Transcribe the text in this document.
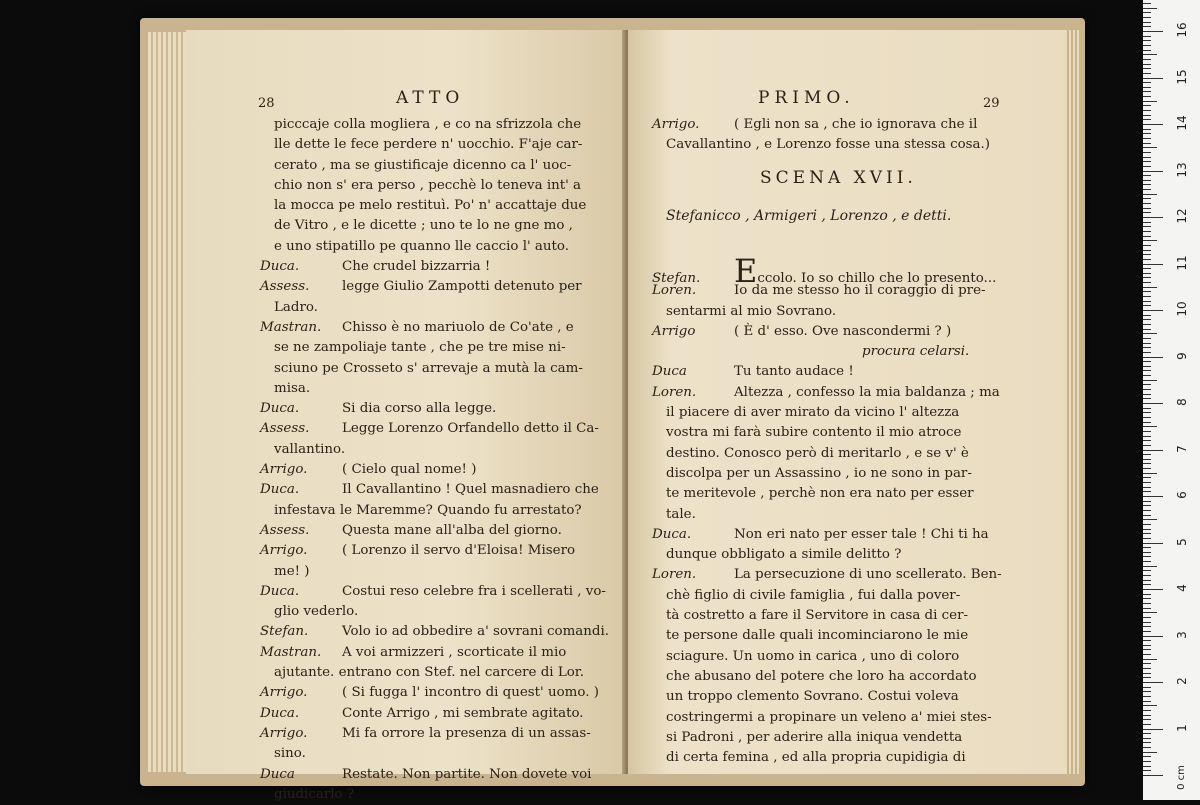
28	ATTO
picccaje colla mogliera , e co na sfrizzola che
lle dette le fece perdere n' uocchio. F'aje car-
cerato , ma se giustificaje dicenno ca l' uoc-
chio non s' era perso , pecchè lo teneva int' a
la mocca pe melo restituì. Po' n' accattaje due
de Vitro , e le dicette ; uno te lo ne gne mo ,
e uno stipatillo pe quanno lle caccio l' auto.
Duca.	Che crudel bizzarria !
Assess. legge Giulio Zampotti detenuto per
Ladro.
Mastran. Chisso è no mariuolo de Co'ate , e
se ne zampoliaje tante , che pe tre mise ni-
sciuno pe Crosseto s' arrevaje a mutà la cam-
misa.
Duca.	Si dia corso alla legge.
Assess. Legge Lorenzo Orfandello detto il Ca-
vallantino.
Arrigo.	( Cielo qual nome! )
Duca.	Il Cavallantino ! Quel masnadiero che
infestava le Maremme? Quando fu arrestato?
Assess. Questa mane all'alba del giorno.
Arrigo.	( Lorenzo il servo d'Eloisa! Misero
me! )
Duca.	Costui reso celebre fra i scellerati , vo-
glio vederlo.
Stefan.	Volo io ad obbedire a' sovrani comandi.
Mastran. A voi armizzeri , scorticate il mio
ajutante. entrano con Stef. nel carcere di Lor.
Arrigo.	( Si fugga l' incontro di quest' uomo. )
Duca.	Conte Arrigo , mi sembrate agitato.
Arrigo.	Mi fa orrore la presenza di un assas-
sino.
Duca	Restate. Non partite. Non dovete voi
giudicarlo ?
PRIMO.	29
Arrigo.	( Egli non sa , che io ignorava che il
Cavallantino , e Lorenzo fosse una stessa cosa.)
SCENA XVII.
Stefanicco , Armigeri , Lorenzo , e detti.
Stefan. Eccolo. Io so chillo che lo presento...
Loren.	Io da me stesso ho il coraggio di pre-
sentarmi al mio Sovrano.
Arrigo	( È d' esso. Ove nascondermi ? )
procura celarsi.
Duca	Tu tanto audace !
Loren.	Altezza , confesso la mia baldanza ; ma
il piacere di aver mirato da vicino l' altezza
vostra mi farà subire contento il mio atroce
destino. Conosco però di meritarlo , e se v' è
discolpa per un Assassino , io ne sono in par-
te meritevole , perchè non era nato per esser
tale.
Duca.	Non eri nato per esser tale ! Chi ti ha
dunque obbligato a simile delitto ?
Loren.	La persecuzione di uno scellerato. Ben-
chè figlio di civile famiglia , fui dalla pover-
tà costretto a fare il Servitore in casa di cer-
te persone dalle quali incominciarono le mie
sciagure. Un uomo in carica , uno di coloro
che abusano del potere che loro ha accordato
un troppo clemento Sovrano. Costui voleva
costringermi a propinare un veleno a' miei stes-
si Padroni , per aderire alla iniqua vendetta
di certa femina , ed alla propria cupidigia di
0 cm
1
2
3
4
5
6
7
8
9
10
11
12
13
14
15
16
